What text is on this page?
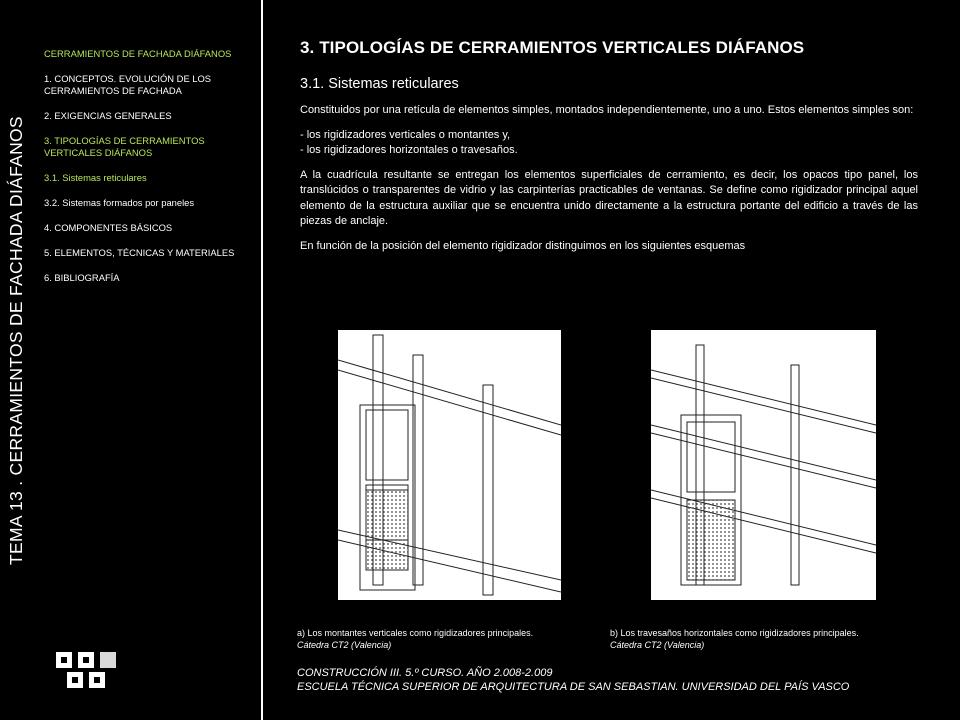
TEMA 13 . CERRAMIENTOS DE FACHADA DIÁFANOS
CERRAMIENTOS DE FACHADA DIÁFANOS
1. CONCEPTOS. EVOLUCIÓN DE LOS CERRAMIENTOS DE FACHADA
2. EXIGENCIAS GENERALES
3. TIPOLOGÍAS DE CERRAMIENTOS VERTICALES DIÁFANOS
3.1. Sistemas reticulares
3.2. Sistemas formados por paneles
4. COMPONENTES BÁSICOS
5. ELEMENTOS, TÉCNICAS Y MATERIALES
6. BIBLIOGRAFÍA
3. TIPOLOGÍAS DE CERRAMIENTOS VERTICALES DIÁFANOS
3.1. Sistemas reticulares

Constituidos por una retícula de elementos simples, montados independientemente, uno a uno. Estos elementos simples son:

- los rigidizadores verticales o montantes y,

- los rigidizadores horizontales o travesaños.

A la cuadrícula resultante se entregan los elementos superficiales de cerramiento, es decir, los opacos tipo panel, los translúcidos o transparentes de vidrio y las carpinterías practicables de ventanas. Se define como rigidizador principal aquel elemento de la estructura auxiliar que se encuentra unido directamente a la estructura portante del edificio a través de las piezas de anclaje.

En función de la posición del elemento rigidizador distinguimos en los siguientes esquemas

a) Los montantes verticales como rigidizadores principales.
Cátedra CT2 (Valencia)
b) Los travesaños horizontales como rigidizadores principales.
Cátedra CT2 (Valencia)
CONSTRUCCIÓN III. 5.º CURSO. AÑO 2.008-2.009
ESCUELA TÉCNICA SUPERIOR DE ARQUITECTURA DE SAN SEBASTIAN. UNIVERSIDAD DEL PAÍS VASCO
